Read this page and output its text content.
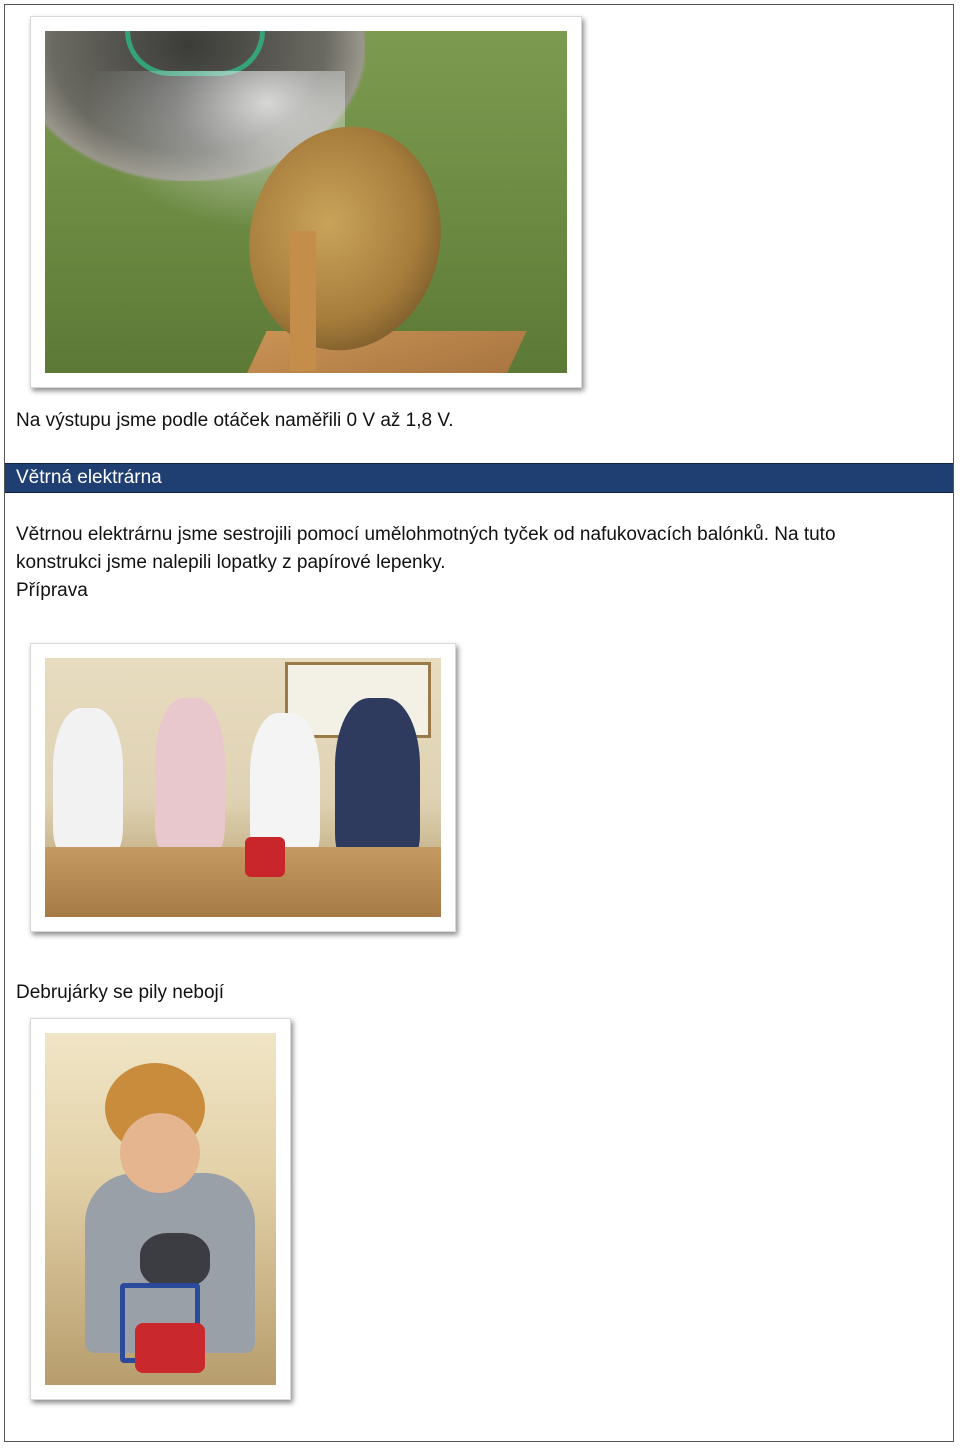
Na výstupu jsme podle otáček naměřili 0 V až 1,8 V.
Větrná elektrárna
Větrnou elektrárnu jsme sestrojili pomocí umělohmotných tyček od nafukovacích balónků. Na tuto
konstrukci jsme nalepili lopatky z papírové lepenky.
Příprava
Debrujárky se pily nebojí
